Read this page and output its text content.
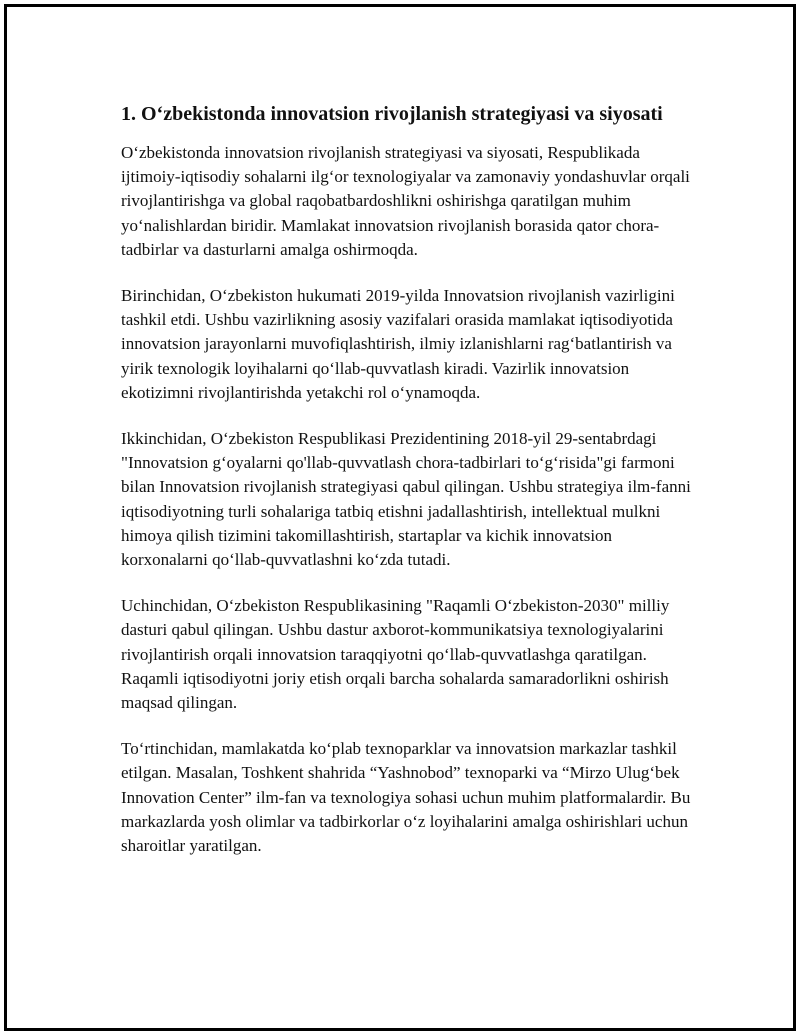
1. O‘zbekistonda innovatsion rivojlanish strategiyasi va siyosati

O‘zbekistonda innovatsion rivojlanish strategiyasi va siyosati, Respublikada ijtimoiy-iqtisodiy sohalarni ilg‘or texnologiyalar va zamonaviy yondashuvlar orqali rivojlantirishga va global raqobatbardoshlikni oshirishga qaratilgan muhim yo‘nalishlardan biridir. Mamlakat innovatsion rivojlanish borasida qator chora-tadbirlar va dasturlarni amalga oshirmoqda.

Birinchidan, O‘zbekiston hukumati 2019-yilda Innovatsion rivojlanish vazirligini tashkil etdi. Ushbu vazirlikning asosiy vazifalari orasida mamlakat iqtisodiyotida innovatsion jarayonlarni muvofiqlashtirish, ilmiy izlanishlarni rag‘batlantirish va yirik texnologik loyihalarni qo‘llab-quvvatlash kiradi. Vazirlik innovatsion ekotizimni rivojlantirishda yetakchi rol o‘ynamoqda.

Ikkinchidan, O‘zbekiston Respublikasi Prezidentining 2018-yil 29-sentabrdagi "Innovatsion g‘oyalarni qo'llab-quvvatlash chora-tadbirlari to‘g‘risida"gi farmoni bilan Innovatsion rivojlanish strategiyasi qabul qilingan. Ushbu strategiya ilm-fanni iqtisodiyotning turli sohalariga tatbiq etishni jadallashtirish, intellektual mulkni himoya qilish tizimini takomillashtirish, startaplar va kichik innovatsion korxonalarni qo‘llab-quvvatlashni ko‘zda tutadi.

Uchinchidan, O‘zbekiston Respublikasining "Raqamli O‘zbekiston-2030" milliy dasturi qabul qilingan. Ushbu dastur axborot-kommunikatsiya texnologiyalarini rivojlantirish orqali innovatsion taraqqiyotni qo‘llab-quvvatlashga qaratilgan. Raqamli iqtisodiyotni joriy etish orqali barcha sohalarda samaradorlikni oshirish maqsad qilingan.

To‘rtinchidan, mamlakatda ko‘plab texnoparklar va innovatsion markazlar tashkil etilgan. Masalan, Toshkent shahrida “Yashnobod” texnoparki va “Mirzo Ulug‘bek Innovation Center” ilm-fan va texnologiya sohasi uchun muhim platformalardir. Bu markazlarda yosh olimlar va tadbirkorlar o‘z loyihalarini amalga oshirishlari uchun sharoitlar yaratilgan.
